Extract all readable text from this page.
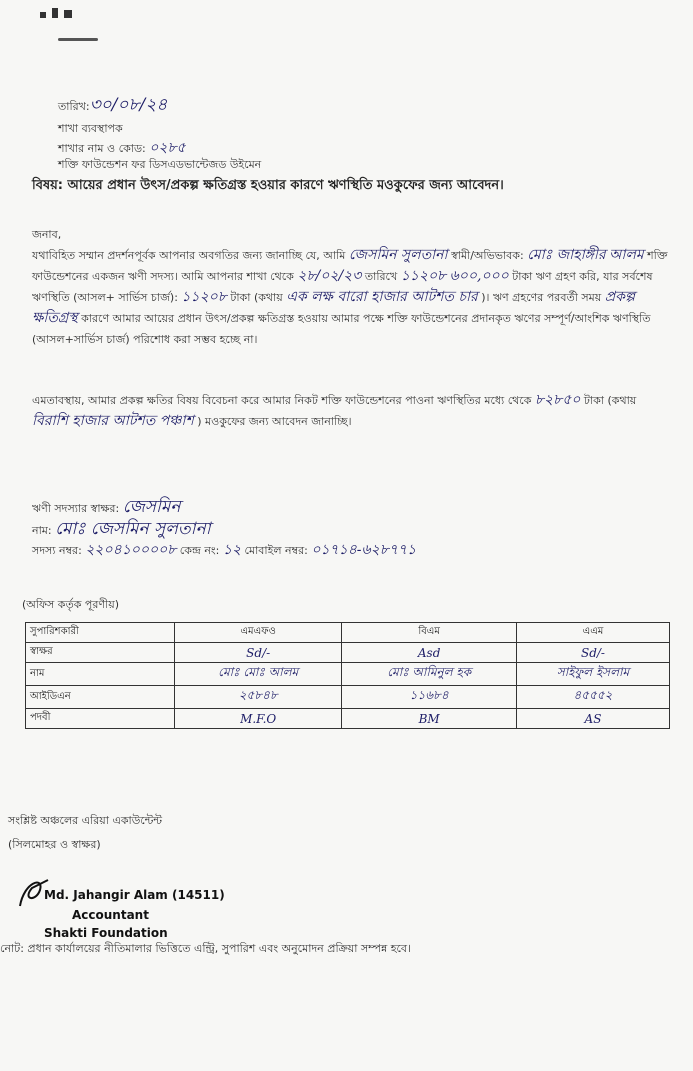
তারিখ:৩০/০৮/২৪
শাখা ব্যবস্থাপক
শাখার নাম ও কোড: ০২৮৫
শক্তি ফাউন্ডেশন ফর ডিসএডভান্টেজড উইমেন
বিষয়: আয়ের প্রধান উৎস/প্রকল্প ক্ষতিগ্রস্ত হওয়ার কারণে ঋণস্থিতি মওকুফের জন্য আবেদন।
জনাব,
যথাবিহিত সম্মান প্রদর্শনপূর্বক আপনার অবগতির জন্য জানাচ্ছি যে, আমি জেসমিন সুলতানা স্বামী/অভিভাবক: মোঃ জাহাঙ্গীর আলম শক্তি ফাউন্ডেশনের একজন ঋণী সদস্য। আমি আপনার শাখা থেকে ২৮/০২/২৩ তারিখে ১১২০৮ ৬০০,০০০ টাকা ঋণ গ্রহণ করি, যার সর্বশেষ ঋণস্থিতি (আসল+ সার্ভিস চার্জ): ১১২০৮ টাকা (কথায় এক লক্ষ বারো হাজার আটশত চার )। ঋণ গ্রহণের পরবর্তী সময় প্রকল্প ক্ষতিগ্রস্থ কারণে আমার আয়ের প্রধান উৎস/প্রকল্প ক্ষতিগ্রস্ত হওয়ায় আমার পক্ষে শক্তি ফাউন্ডেশনের প্রদানকৃত ঋণের সম্পূর্ণ/আংশিক ঋণস্থিতি (আসল+সার্ভিস চার্জ) পরিশোধ করা সম্ভব হচ্ছে না।
এমতাবস্থায়, আমার প্রকল্প ক্ষতির বিষয় বিবেচনা করে আমার নিকট শক্তি ফাউন্ডেশনের পাওনা ঋণস্থিতির মধ্যে থেকে ৮২৮৫০ টাকা (কথায় বিরাশি হাজার আটশত পঞ্চাশ ) মওকুফের জন্য আবেদন জানাচ্ছি।
ঋণী সদস্যার স্বাক্ষর: জেসমিন
নাম: মোঃ জেসমিন সুলতানা
সদস্য নম্বর: ২২০৪১০০০০৮ কেন্দ্র নং: ১২ মোবাইল নম্বর: ০১৭১৪-৬২৮৭৭১
(অফিস কর্তৃক পূরণীয়)
সুপারিশকারী	এমএফও	বিএম	এএম
স্বাক্ষর	Sd/-	Asd	Sd/-
নাম	মোঃ মোঃ আলম	মোঃ আমিনুল হক	সাইফুল ইসলাম
আইডিএন	২৫৮৪৮	১১৬৮৪	৪৫৫৫২
পদবী	M.F.O	BM	AS
সংশ্লিষ্ট অঞ্চলের এরিয়া একাউন্টেন্ট
(সিলমোহর ও স্বাক্ষর)
Md. Jahangir Alam (14511)
Accountant
Shakti Foundation
নোট: প্রধান কার্যালয়ের নীতিমালার ভিত্তিতে এন্ট্রি, সুপারিশ এবং অনুমোদন প্রক্রিয়া সম্পন্ন হবে।
